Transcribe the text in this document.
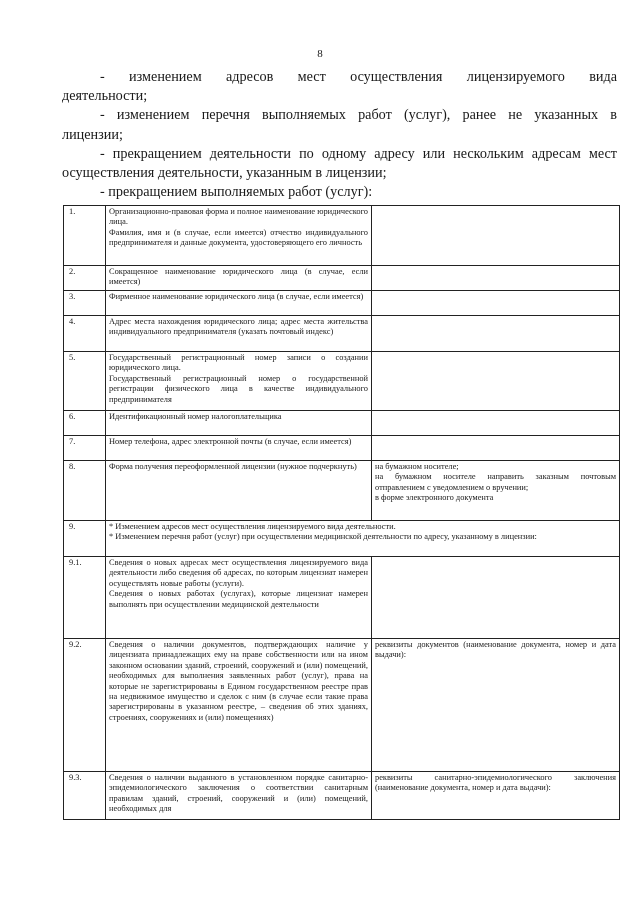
8

- изменением адресов мест осуществления лицензируемого вида

деятельности;

- изменением перечня выполняемых работ (услуг), ранее не указанных в

лицензии;

- прекращением деятельности по одному адресу или нескольким адресам мест

осуществления деятельности, указанным в лицензии;

- прекращением выполняемых работ (услуг):

1.	Организационно-правовая форма и полное наименование юридического лица.
Фамилия, имя и (в случае, если имеется) отчество индивидуального предпринимателя и данные документа, удостоверяющего его личность	

2.	Сокращенное наименование юридического лица (в случае, если имеется)	

3.	Фирменное наименование юридического лица (в случае, если имеется)	

4.	Адрес места нахождения юридического лица; адрес места жительства индивидуального предпринимателя (указать почтовый индекс)	

5.	Государственный регистрационный номер записи о создании юридического лица.
Государственный регистрационный номер о государственной регистрации физического лица в качестве индивидуального предпринимателя	

6.	Идентификационный номер налогоплательщика	

7.	Номер телефона, адрес электронной почты (в случае, если имеется)	

8.	Форма получения переоформленной лицензии (нужное подчеркнуть)	на бумажном носителе;
на бумажном носителе направить заказным почтовым отправлением с уведомлением о вручении;
в форме электронного документа

9.	* Изменением адресов мест осуществления лицензируемого вида деятельности.
* Изменением перечня работ (услуг) при осуществлении медицинской деятельности по адресу, указанному в лицензии:	

9.1.	Сведения о новых адресах мест осуществления лицензируемого вида деятельности либо сведения об адресах, по которым лицензиат намерен осуществлять новые работы (услуги).
Сведения о новых работах (услугах), которые лицензиат намерен выполнять при осуществлении медицинской деятельности	

9.2.	Сведения о наличии документов, подтверждающих наличие у лицензиата принадлежащих ему на праве собственности или на ином законном основании зданий, строений, сооружений и (или) помещений, необходимых для выполнения заявленных работ (услуг), права на которые не зарегистрированы в Едином государственном реестре прав на недвижимое имущество и сделок с ним (в случае если такие права зарегистрированы в указанном реестре, – сведения об этих зданиях, строениях, сооружениях и (или) помещениях)	реквизиты документов (наименование документа, номер и дата выдачи):

9.3.	Сведения о наличии выданного в установленном порядке санитарно-эпидемиологического заключения о соответствии санитарным правилам зданий, строений, сооружений и (или) помещений, необходимых для	реквизиты санитарно-эпидемиологического заключения (наименование документа, номер и дата выдачи):
